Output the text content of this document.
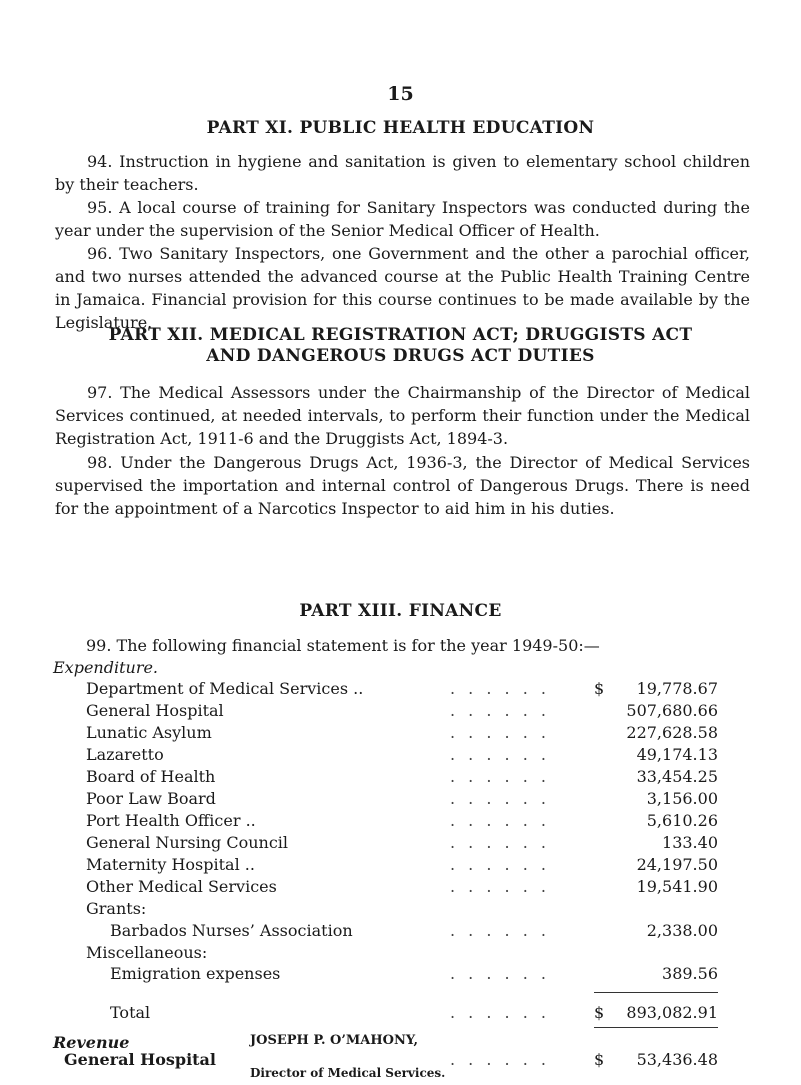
15
PART XI. PUBLIC HEALTH EDUCATION
94. Instruction in hygiene and sanitation is given to elementary school children by their teachers.
95. A local course of training for Sanitary Inspectors was conducted during the year under the supervision of the Senior Medical Officer of Health.
96. Two Sanitary Inspectors, one Government and the other a parochial officer, and two nurses attended the advanced course at the Public Health Training Centre in Jamaica. Financial provision for this course continues to be made available by the Legislature.
PART XII. MEDICAL REGISTRATION ACT; DRUGGISTS ACT
AND DANGEROUS DRUGS ACT DUTIES
97. The Medical Assessors under the Chairmanship of the Director of Medical Services continued, at needed intervals, to perform their function under the Medical Registration Act, 1911-6 and the Druggists Act, 1894-3.
98. Under the Dangerous Drugs Act, 1936-3, the Director of Medical Services supervised the importation and internal control of Dangerous Drugs. There is need for the appointment of a Narcotics Inspector to aid him in his duties.
PART XIII. FINANCE
99. The following financial statement is for the year 1949-50:—
Expenditure.
Department of Medical Services ..	. . . . . .	$ 19,778.67
General Hospital	. . . . . .	507,680.66
Lunatic Asylum	. . . . . .	227,628.58
Lazaretto	. . . . . .	49,174.13
Board of Health	. . . . . .	33,454.25
Poor Law Board	. . . . . .	3,156.00
Port Health Officer ..	. . . . . .	5,610.26
General Nursing Council	. . . . . .	133.40
Maternity Hospital ..	. . . . . .	24,197.50
Other Medical Services	. . . . . .	19,541.90
Grants:
Barbados Nurses’ Association	. . . . . .	2,338.00
Miscellaneous:
Emigration expenses	. . . . . .	389.56
Total	. . . . . .	$ 893,082.91
Revenue
General Hospital	. . . . . .	$ 53,436.48
JOSEPH P. O’MAHONY,
Director of Medical Services.
